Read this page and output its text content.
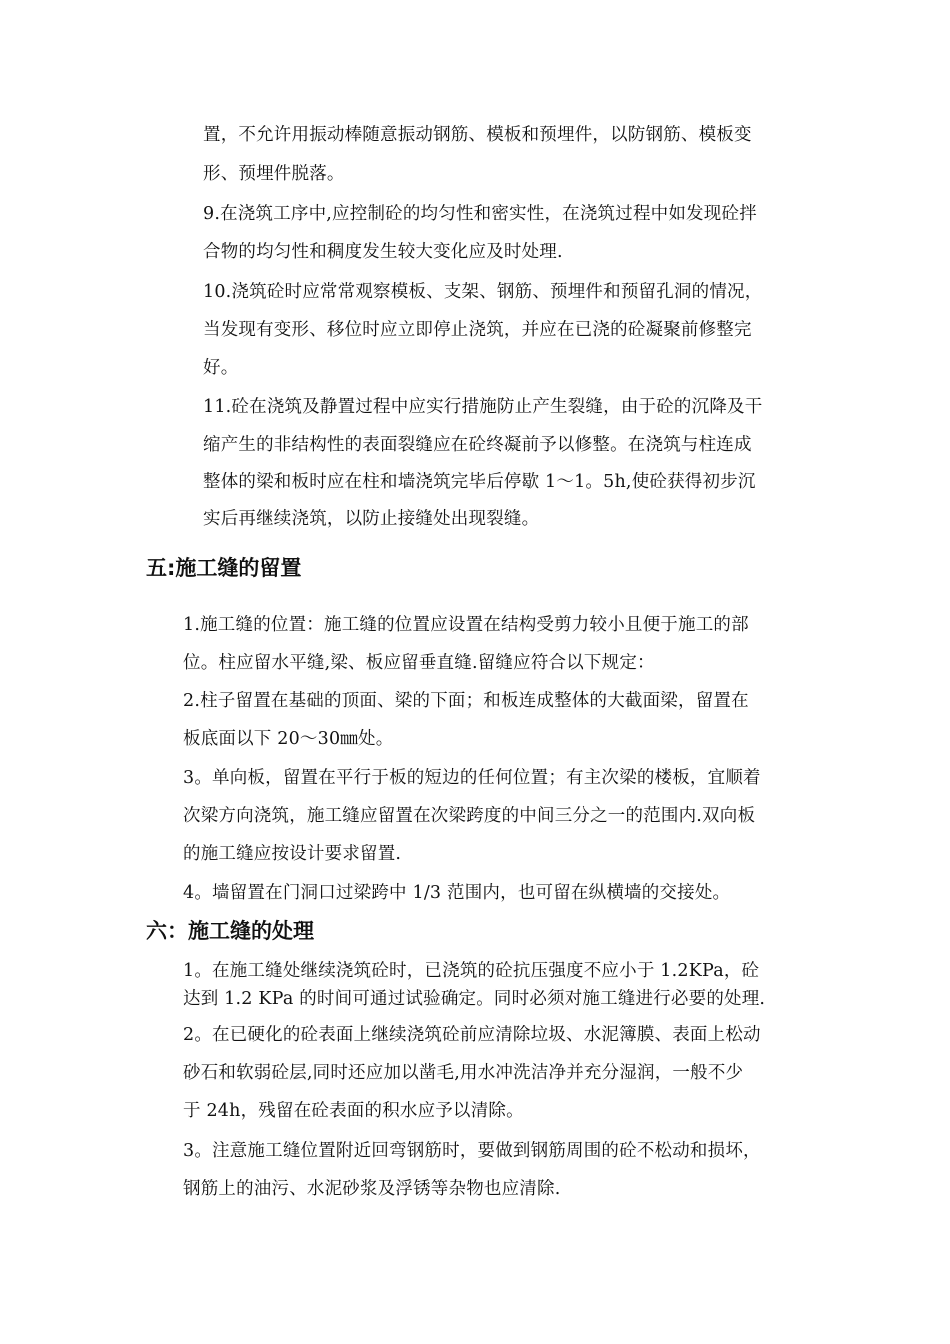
置，不允许用振动棒随意振动钢筋、模板和预埋件，以防钢筋、模板变
形、预埋件脱落。
9.在浇筑工序中,应控制砼的均匀性和密实性，在浇筑过程中如发现砼拌
合物的均匀性和稠度发生较大变化应及时处理.
10.浇筑砼时应常常观察模板、支架、钢筋、预埋件和预留孔洞的情况，
当发现有变形、移位时应立即停止浇筑，并应在已浇的砼凝聚前修整完
好。
11.砼在浇筑及静置过程中应实行措施防止产生裂缝，由于砼的沉降及干
缩产生的非结构性的表面裂缝应在砼终凝前予以修整。在浇筑与柱连成
整体的梁和板时应在柱和墙浇筑完毕后停歇 1～1。5h,使砼获得初步沉
实后再继续浇筑，以防止接缝处出现裂缝。
五:施工缝的留置
1.施工缝的位置：施工缝的位置应设置在结构受剪力较小且便于施工的部
位。柱应留水平缝,梁、板应留垂直缝.留缝应符合以下规定：
2.柱子留置在基础的顶面、梁的下面；和板连成整体的大截面梁，留置在
板底面以下 20～30㎜处。
3。单向板，留置在平行于板的短边的任何位置；有主次梁的楼板，宜顺着
次梁方向浇筑，施工缝应留置在次梁跨度的中间三分之一的范围内.双向板
的施工缝应按设计要求留置.
4。墙留置在门洞口过梁跨中 1/3 范围内，也可留在纵横墙的交接处。
六：施工缝的处理
1。在施工缝处继续浇筑砼时，已浇筑的砼抗压强度不应小于 1.2KPa，砼
达到 1.2 KPa 的时间可通过试验确定。同时必须对施工缝进行必要的处理.
2。在已硬化的砼表面上继续浇筑砼前应清除垃圾、水泥簿膜、表面上松动
砂石和软弱砼层,同时还应加以凿毛,用水冲洗洁净并充分湿润，一般不少
于 24h，残留在砼表面的积水应予以清除。
3。注意施工缝位置附近回弯钢筋时，要做到钢筋周围的砼不松动和损坏，
钢筋上的油污、水泥砂浆及浮锈等杂物也应清除.
